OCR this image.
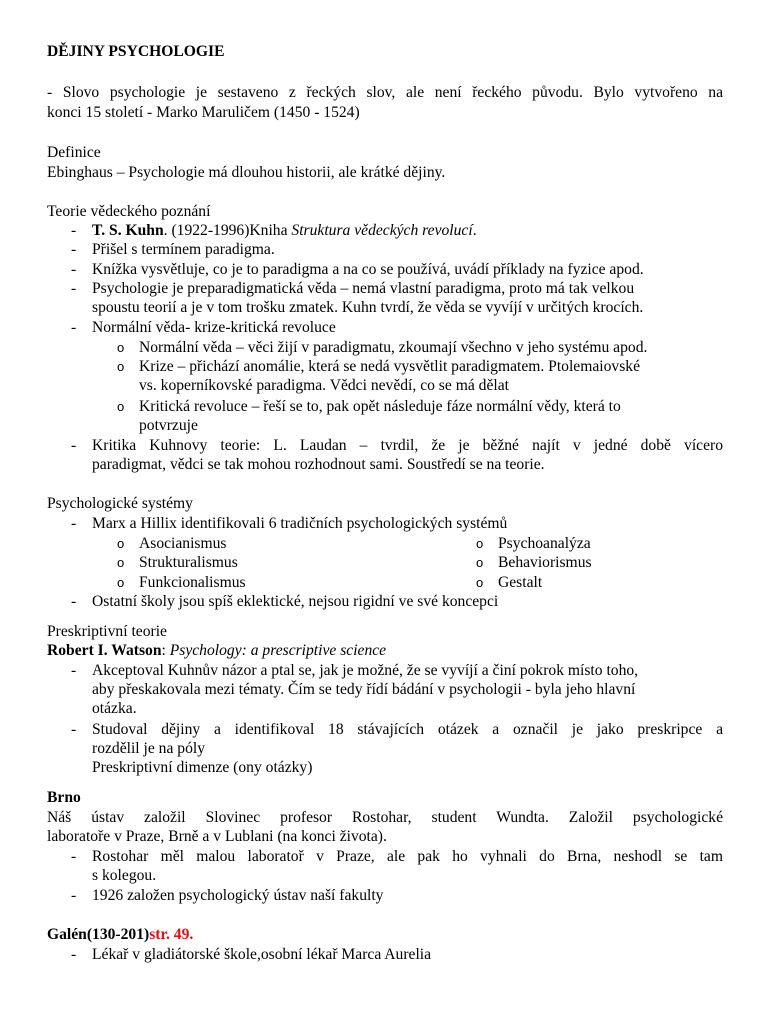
DĚJINY PSYCHOLOGIE
- Slovo psychologie je sestaveno z řeckých slov, ale není řeckého původu. Bylo vytvořeno na
konci 15 století - Marko Maruličem (1450 - 1524)
Definice
Ebinghaus – Psychologie má dlouhou historii, ale krátké dějiny.
Teorie vědeckého poznání
- T. S. Kuhn. (1922-1996)Kniha Struktura vědeckých revolucí.
- Přišel s termínem paradigma.
- Knížka vysvětluje, co je to paradigma a na co se používá, uvádí příklady na fyzice apod.
- Psychologie je preparadigmatická věda – nemá vlastní paradigma, proto má tak velkou
spoustu teorií a je v tom trošku zmatek. Kuhn tvrdí, že věda se vyvíjí v určitých krocích.
- Normální věda- krize-kritická revoluce
o Normální věda – věci žijí v paradigmatu, zkoumají všechno v jeho systému apod.
o Krize – přichází anomálie, která se nedá vysvětlit paradigmatem. Ptolemaiovské
vs. koperníkovské paradigma. Vědci nevědí, co se má dělat
o Kritická revoluce – řeší se to, pak opět následuje fáze normální vědy, která to
potvrzuje
- Kritika Kuhnovy teorie: L. Laudan – tvrdil, že je běžné najít v jedné době vícero
paradigmat, vědci se tak mohou rozhodnout sami. Soustředí se na teorie.
Psychologické systémy
- Marx a Hillix identifikovali 6 tradičních psychologických systémů
o Asocianismus	o Psychoanalýza
o Strukturalismus	o Behaviorismus
o Funkcionalismus	o Gestalt
- Ostatní školy jsou spíš eklektické, nejsou rigidní ve své koncepci
Preskriptivní teorie
Robert I. Watson: Psychology: a prescriptive science
- Akceptoval Kuhnův názor a ptal se, jak je možné, že se vyvíjí a činí pokrok místo toho,
aby přeskakovala mezi tématy. Čím se tedy řídí bádání v psychologii - byla jeho hlavní
otázka.
- Studoval dějiny a identifikoval 18 stávajících otázek a označil je jako preskripce a
rozdělil je na póly
Preskriptivní dimenze (ony otázky)
Brno
Náš ústav založil Slovinec profesor Rostohar, student Wundta. Založil psychologické
laboratoře v Praze, Brně a v Lublani (na konci života).
- Rostohar měl malou laboratoř v Praze, ale pak ho vyhnali do Brna, neshodl se tam
s kolegou.
- 1926 založen psychologický ústav naší fakulty
Galén(130-201)str. 49.
- Lékař v gladiátorské škole,osobní lékař Marca Aurelia
